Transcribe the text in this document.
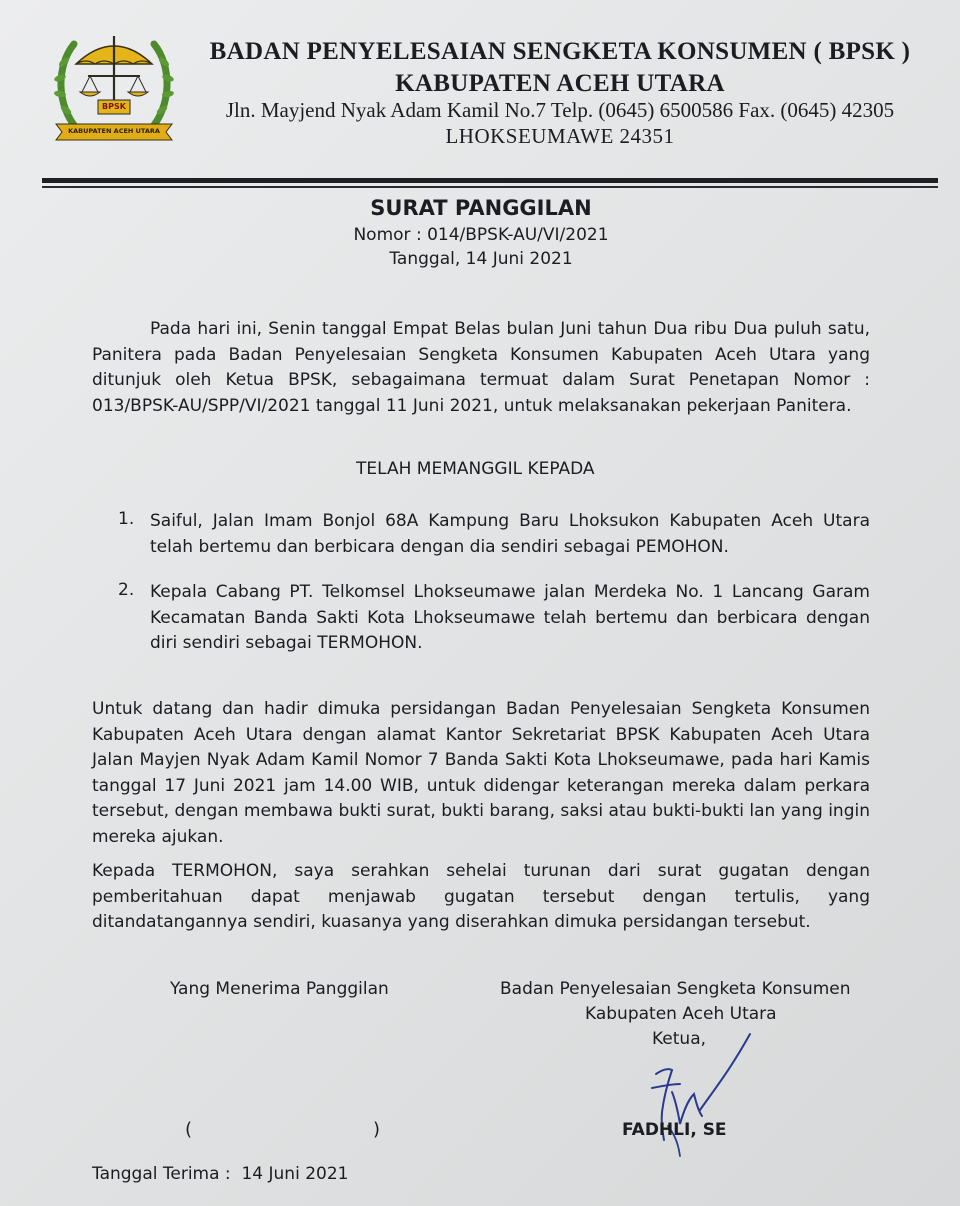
BPSK
KABUPATEN ACEH UTARA
BADAN PENYELESAIAN SENGKETA KONSUMEN ( BPSK )
KABUPATEN ACEH UTARA
Jln. Mayjend Nyak Adam Kamil No.7 Telp. (0645) 6500586 Fax. (0645) 42305
LHOKSEUMAWE 24351
SURAT PANGGILAN
Nomor : 014/BPSK-AU/VI/2021
Tanggal, 14 Juni 2021
Pada hari ini, Senin tanggal Empat Belas bulan Juni tahun Dua ribu Dua puluh satu, Panitera pada Badan Penyelesaian Sengketa Konsumen Kabupaten Aceh Utara yang ditunjuk oleh Ketua BPSK, sebagaimana termuat dalam Surat Penetapan Nomor : 013/BPSK-AU/SPP/VI/2021 tanggal 11 Juni 2021, untuk melaksanakan pekerjaan Panitera.
TELAH MEMANGGIL KEPADA
1. Saiful, Jalan Imam Bonjol 68A Kampung Baru Lhoksukon Kabupaten Aceh Utara telah bertemu dan berbicara dengan dia sendiri sebagai PEMOHON.
2. Kepala Cabang PT. Telkomsel Lhokseumawe jalan Merdeka No. 1 Lancang Garam Kecamatan Banda Sakti Kota Lhokseumawe telah bertemu dan berbicara dengan diri sendiri sebagai TERMOHON.
Untuk datang dan hadir dimuka persidangan Badan Penyelesaian Sengketa Konsumen Kabupaten Aceh Utara dengan alamat Kantor Sekretariat BPSK Kabupaten Aceh Utara Jalan Mayjen Nyak Adam Kamil Nomor 7 Banda Sakti Kota Lhokseumawe, pada hari Kamis tanggal 17 Juni 2021 jam 14.00 WIB, untuk didengar keterangan mereka dalam perkara tersebut, dengan membawa bukti surat, bukti barang, saksi atau bukti-bukti lan yang ingin mereka ajukan.
Kepada TERMOHON, saya serahkan sehelai turunan dari surat gugatan dengan pemberitahuan dapat menjawab gugatan tersebut dengan tertulis, yang ditandatangannya sendiri, kuasanya yang diserahkan dimuka persidangan tersebut.
Yang Menerima Panggilan	Badan Penyelesaian Sengketa Konsumen
Kabupaten Aceh Utara
Ketua,
(	)	FADHLI, SE
Tanggal Terima : 14 Juni 2021
